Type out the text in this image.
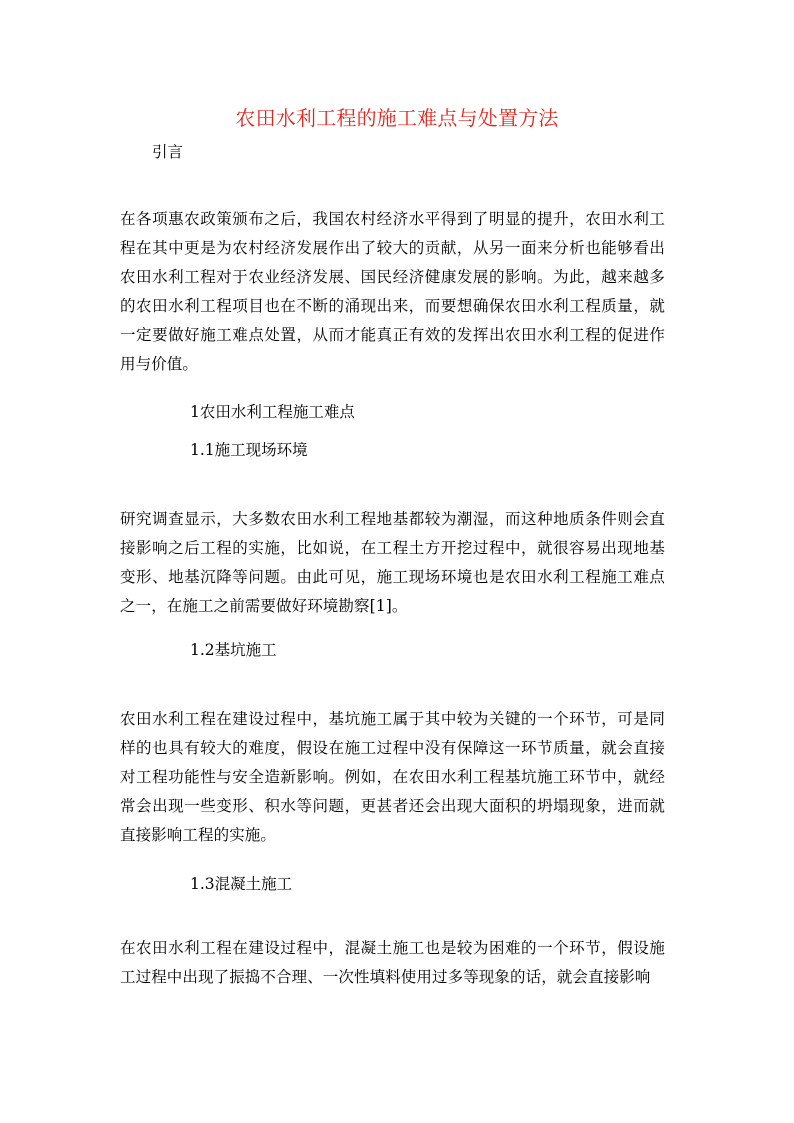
农田水利工程的施工难点与处置方法
引言

在各项惠农政策颁布之后，我国农村经济水平得到了明显的提升，农田水利工程在其中更是为农村经济发展作出了较大的贡献，从另一面来分析也能够看出农田水利工程对于农业经济发展、国民经济健康发展的影响。为此，越来越多的农田水利工程项目也在不断的涌现出来，而要想确保农田水利工程质量，就一定要做好施工难点处置，从而才能真正有效的发挥出农田水利工程的促进作用与价值。

1农田水利工程施工难点
1.1施工现场环境

研究调查显示，大多数农田水利工程地基都较为潮湿，而这种地质条件则会直接影响之后工程的实施，比如说，在工程土方开挖过程中，就很容易出现地基变形、地基沉降等问题。由此可见，施工现场环境也是农田水利工程施工难点之一，在施工之前需要做好环境勘察[1]。

1.2基坑施工

农田水利工程在建设过程中，基坑施工属于其中较为关键的一个环节，可是同样的也具有较大的难度，假设在施工过程中没有保障这一环节质量，就会直接对工程功能性与安全造新影响。例如，在农田水利工程基坑施工环节中，就经常会出现一些变形、积水等问题，更甚者还会出现大面积的坍塌现象，进而就直接影响工程的实施。

1.3混凝土施工

在农田水利工程在建设过程中，混凝土施工也是较为困难的一个环节，假设施工过程中出现了振捣不合理、一次性填料使用过多等现象的话，就会直接影响
